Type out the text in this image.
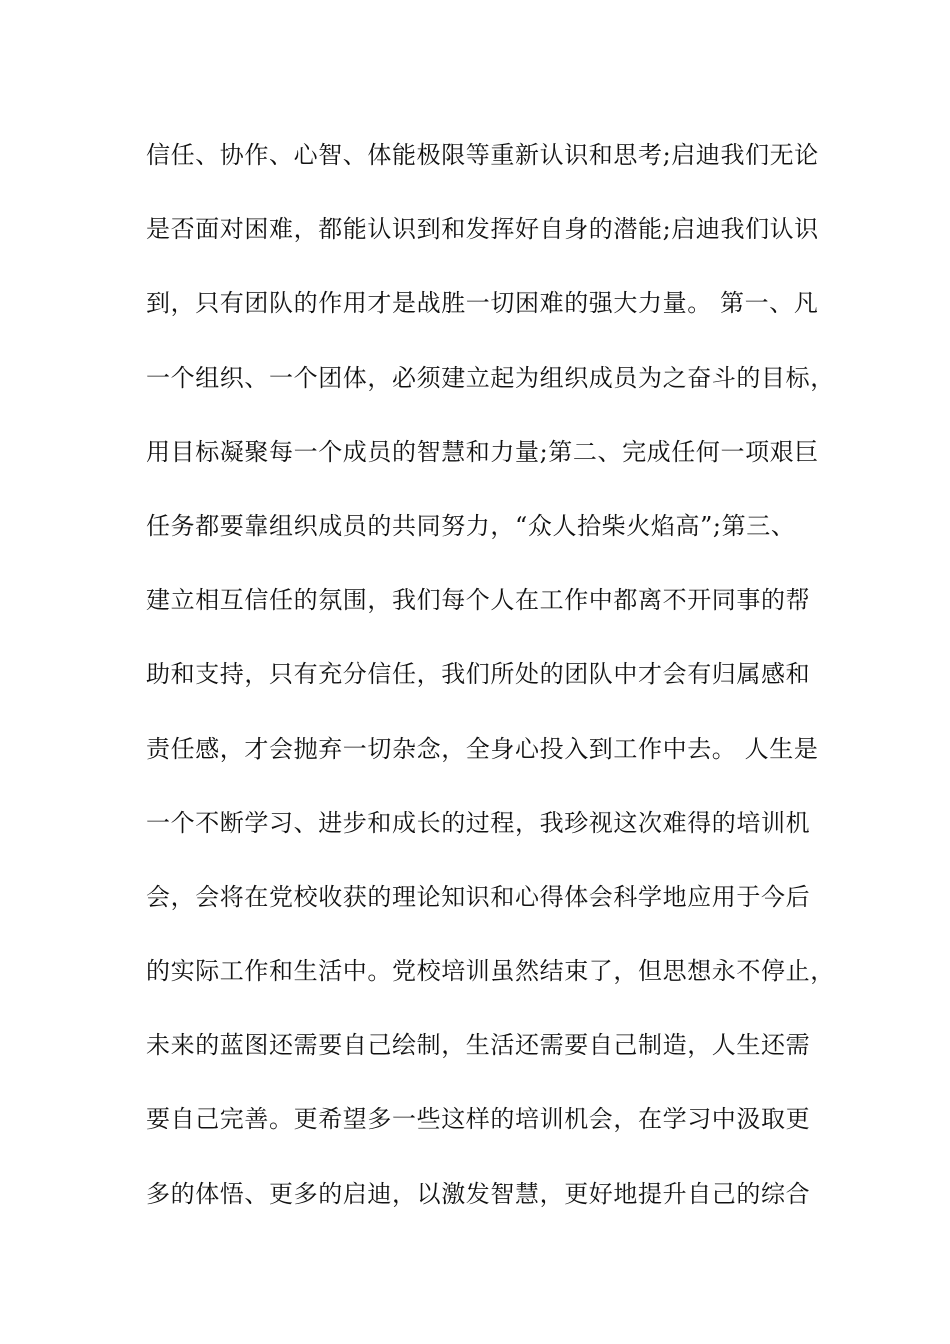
信任、协作、心智、体能极限等重新认识和思考;启迪我们无论
是否面对困难，都能认识到和发挥好自身的潜能;启迪我们认识
到，只有团队的作用才是战胜一切困难的强大力量。 第一、凡
一个组织、一个团体，必须建立起为组织成员为之奋斗的目标，
用目标凝聚每一个成员的智慧和力量;第二、完成任何一项艰巨
任务都要靠组织成员的共同努力，“众人拾柴火焰高”;第三、
建立相互信任的氛围，我们每个人在工作中都离不开同事的帮
助和支持，只有充分信任，我们所处的团队中才会有归属感和
责任感，才会抛弃一切杂念，全身心投入到工作中去。 人生是
一个不断学习、进步和成长的过程，我珍视这次难得的培训机
会，会将在党校收获的理论知识和心得体会科学地应用于今后
的实际工作和生活中。党校培训虽然结束了，但思想永不停止，
未来的蓝图还需要自己绘制，生活还需要自己制造，人生还需
要自己完善。更希望多一些这样的培训机会，在学习中汲取更
多的体悟、更多的启迪，以激发智慧，更好地提升自己的综合
